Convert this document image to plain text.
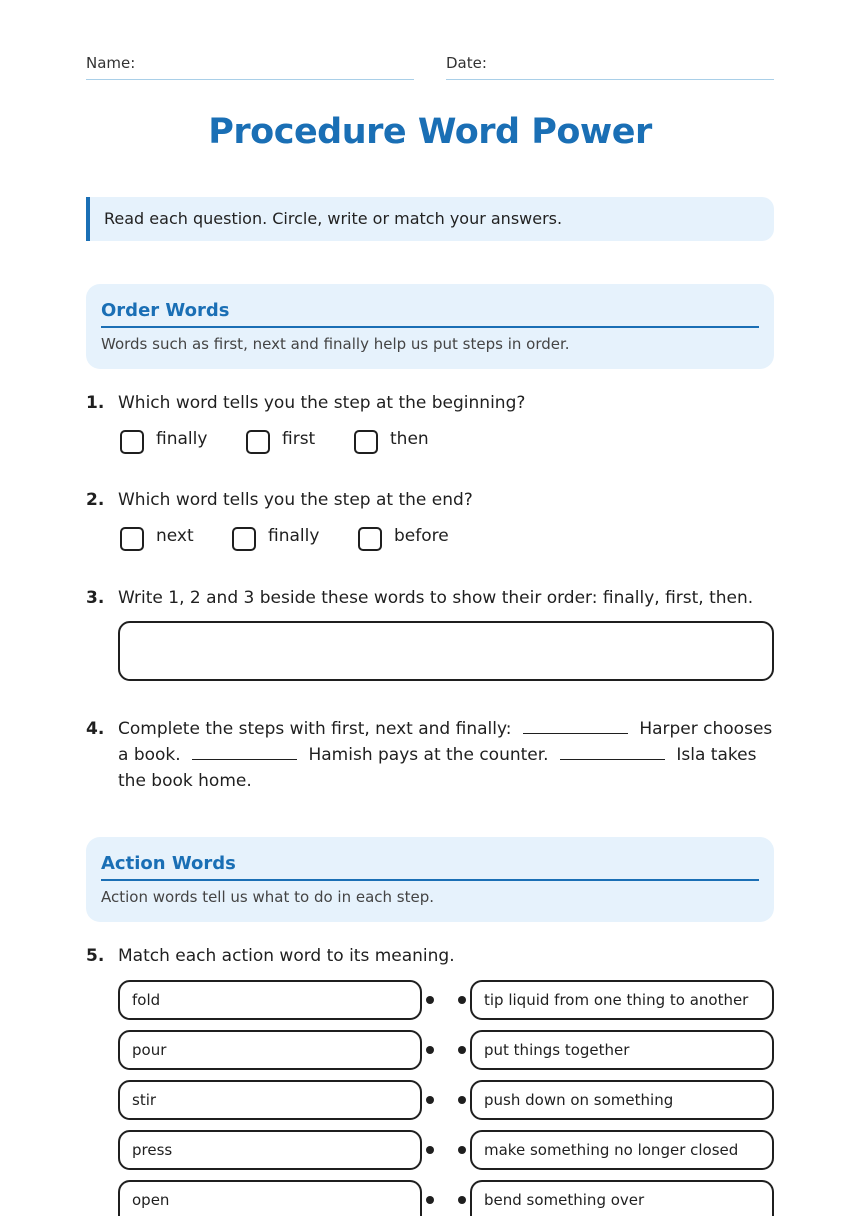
Name:	Date:
Procedure Word Power
Read each question. Circle, write or match your answers.
Order Words
Words such as first, next and finally help us put steps in order.
1. Which word tells you the step at the beginning?
finally	first	then
2. Which word tells you the step at the end?
next	finally	before
3. Write 1, 2 and 3 beside these words to show their order: finally, first, then.
4. Complete the steps with first, next and finally:	Harper chooses a book.	Hamish pays at the counter.	Isla takes the book home.
Action Words
Action words tell us what to do in each step.
5. Match each action word to its meaning.
fold	tip liquid from one thing to another
pour	put things together
stir	push down on something
press	make something no longer closed
open	bend something over
